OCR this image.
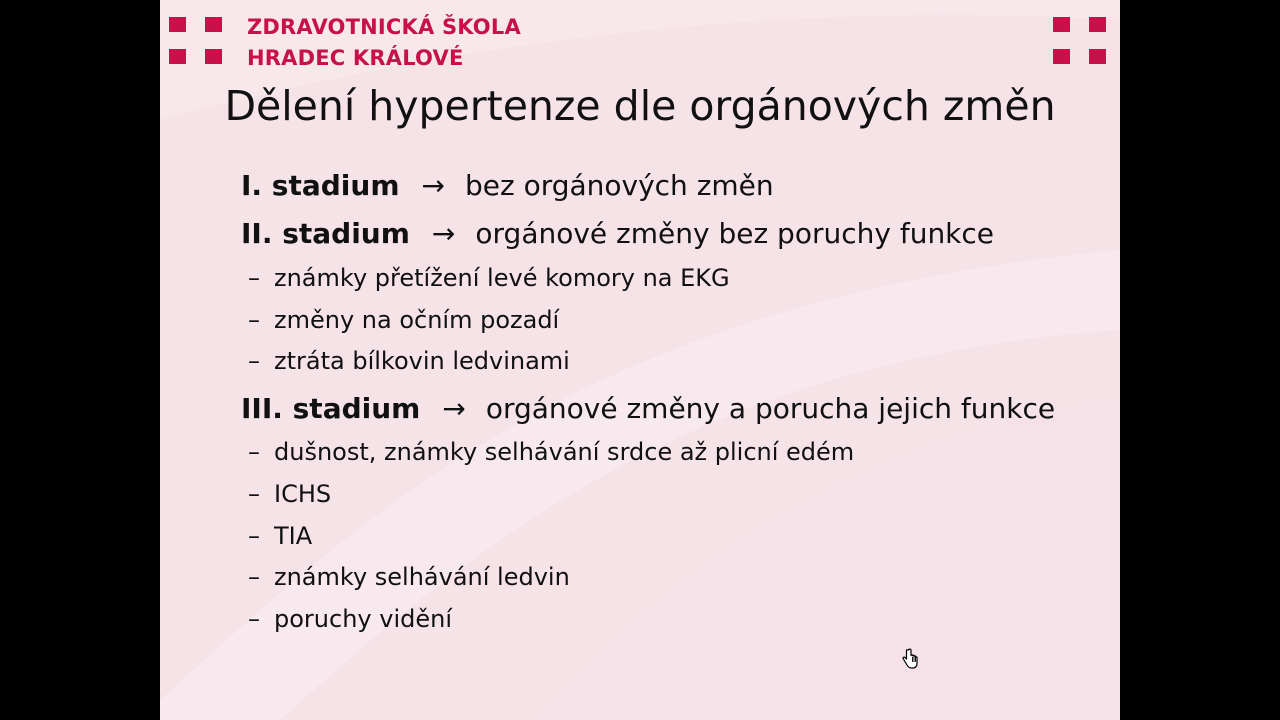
ZDRAVOTNICKÁ ŠKOLA
HRADEC KRÁLOVÉ
Dělení hypertenze dle orgánových změn
I. stadium → bez orgánových změn
II. stadium → orgánové změny bez poruchy funkce
– známky přetížení levé komory na EKG
– změny na očním pozadí
– ztráta bílkovin ledvinami
III. stadium → orgánové změny a porucha jejich funkce
– dušnost, známky selhávání srdce až plicní edém
– ICHS
– TIA
– známky selhávání ledvin
– poruchy vidění
